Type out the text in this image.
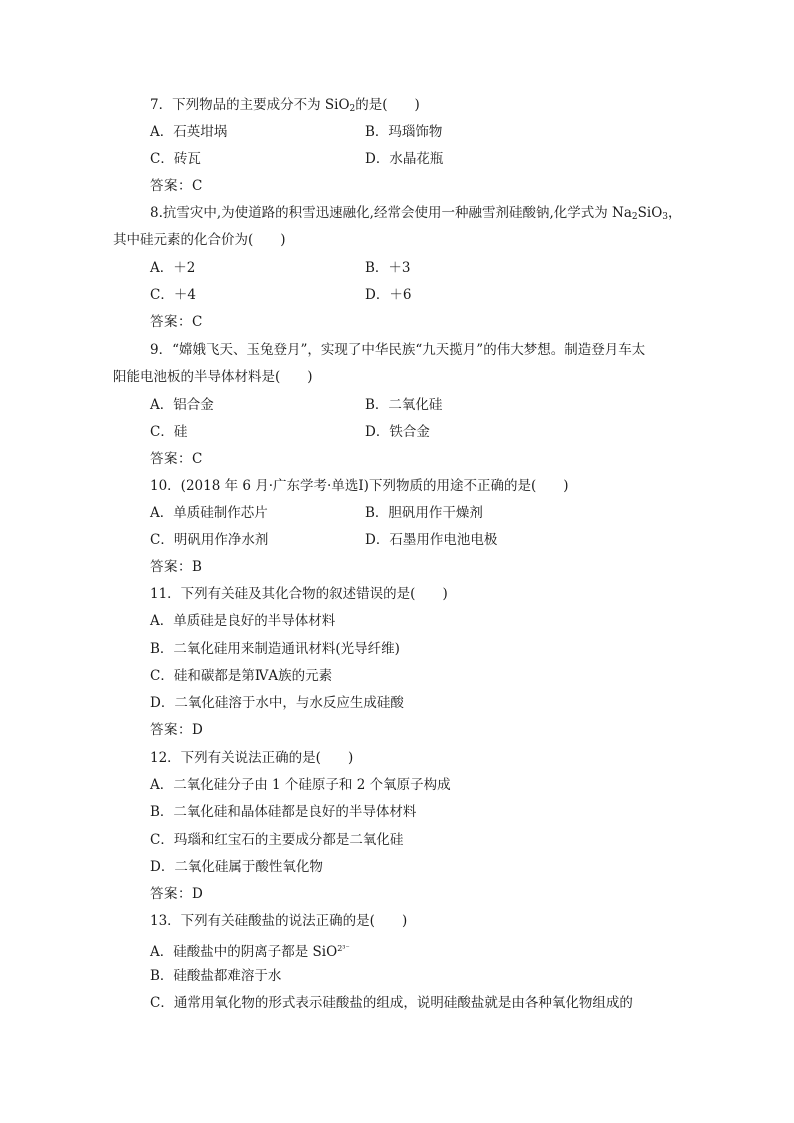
7．下列物品的主要成分不为 SiO$_2$的是(　　)
A．石英坩埚	B．玛瑙饰物
C．砖瓦	D．水晶花瓶
答案：C
8.抗雪灾中,为使道路的积雪迅速融化,经常会使用一种融雪剂硅酸钠,化学式为 $Na_2SiO_3$，
其中硅元素的化合价为(　　)
A．＋2	B．＋3
C．＋4	D．＋6
答案：C
9．“嫦娥飞天、玉兔登月”，实现了中华民族“九天揽月”的伟大梦想。制造登月车太
阳能电池板的半导体材料是(　　)
A．铝合金	B．二氧化硅
C．硅	D．铁合金
答案：C
10．(2018 年 6 月·广东学考·单选Ⅰ)下列物质的用途不正确的是(　　)
A．单质硅制作芯片	B．胆矾用作干燥剂
C．明矾用作净水剂	D．石墨用作电池电极
答案：B
11．下列有关硅及其化合物的叙述错误的是(　　)
A．单质硅是良好的半导体材料
B．二氧化硅用来制造通讯材料(光导纤维)
C．硅和碳都是第ⅣA族的元素
D．二氧化硅溶于水中，与水反应生成硅酸
答案：D
12．下列有关说法正确的是(　　)
A．二氧化硅分子由 1 个硅原子和 2 个氧原子构成
B．二氧化硅和晶体硅都是良好的半导体材料
C．玛瑙和红宝石的主要成分都是二氧化硅
D．二氧化硅属于酸性氧化物
答案：D
13．下列有关硅酸盐的说法正确的是(　　)
A．硅酸盐中的阴离子都是 SiO$^{2^{3-}}$
B．硅酸盐都难溶于水
C．通常用氧化物的形式表示硅酸盐的组成，说明硅酸盐就是由各种氧化物组成的
